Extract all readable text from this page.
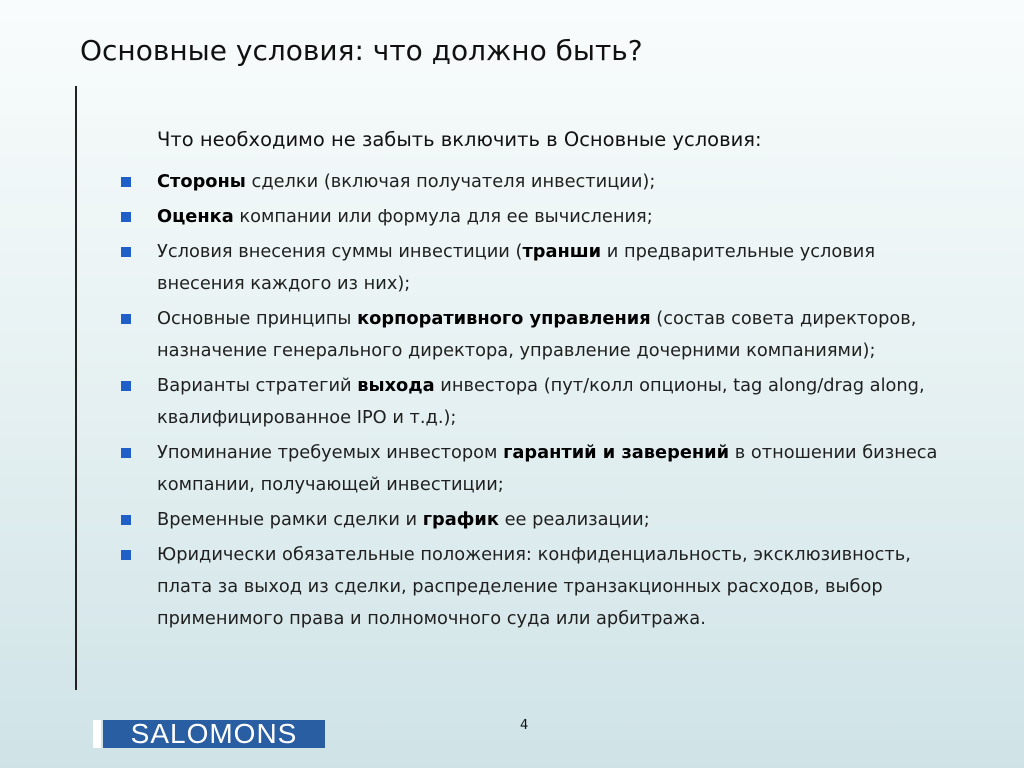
Основные условия: что должно быть?
Что необходимо не забыть включить в Основные условия:
Стороны сделки (включая получателя инвестиции);
Оценка компании или формула для ее вычисления;
Условия внесения суммы инвестиции (транши и предварительные условия внесения каждого из них);
Основные принципы корпоративного управления (состав совета директоров, назначение генерального директора, управление дочерними компаниями);
Варианты стратегий выхода инвестора (пут/колл опционы, tag along/drag along, квалифицированное IPO и т.д.);
Упоминание требуемых инвестором гарантий и заверений в отношении бизнеса компании, получающей инвестиции;
Временные рамки сделки и график ее реализации;
Юридически обязательные положения: конфиденциальность, эксклюзивность, плата за выход из сделки, распределение транзакционных расходов, выбор применимого права и полномочного суда или арбитража.
4
SALOMONS
